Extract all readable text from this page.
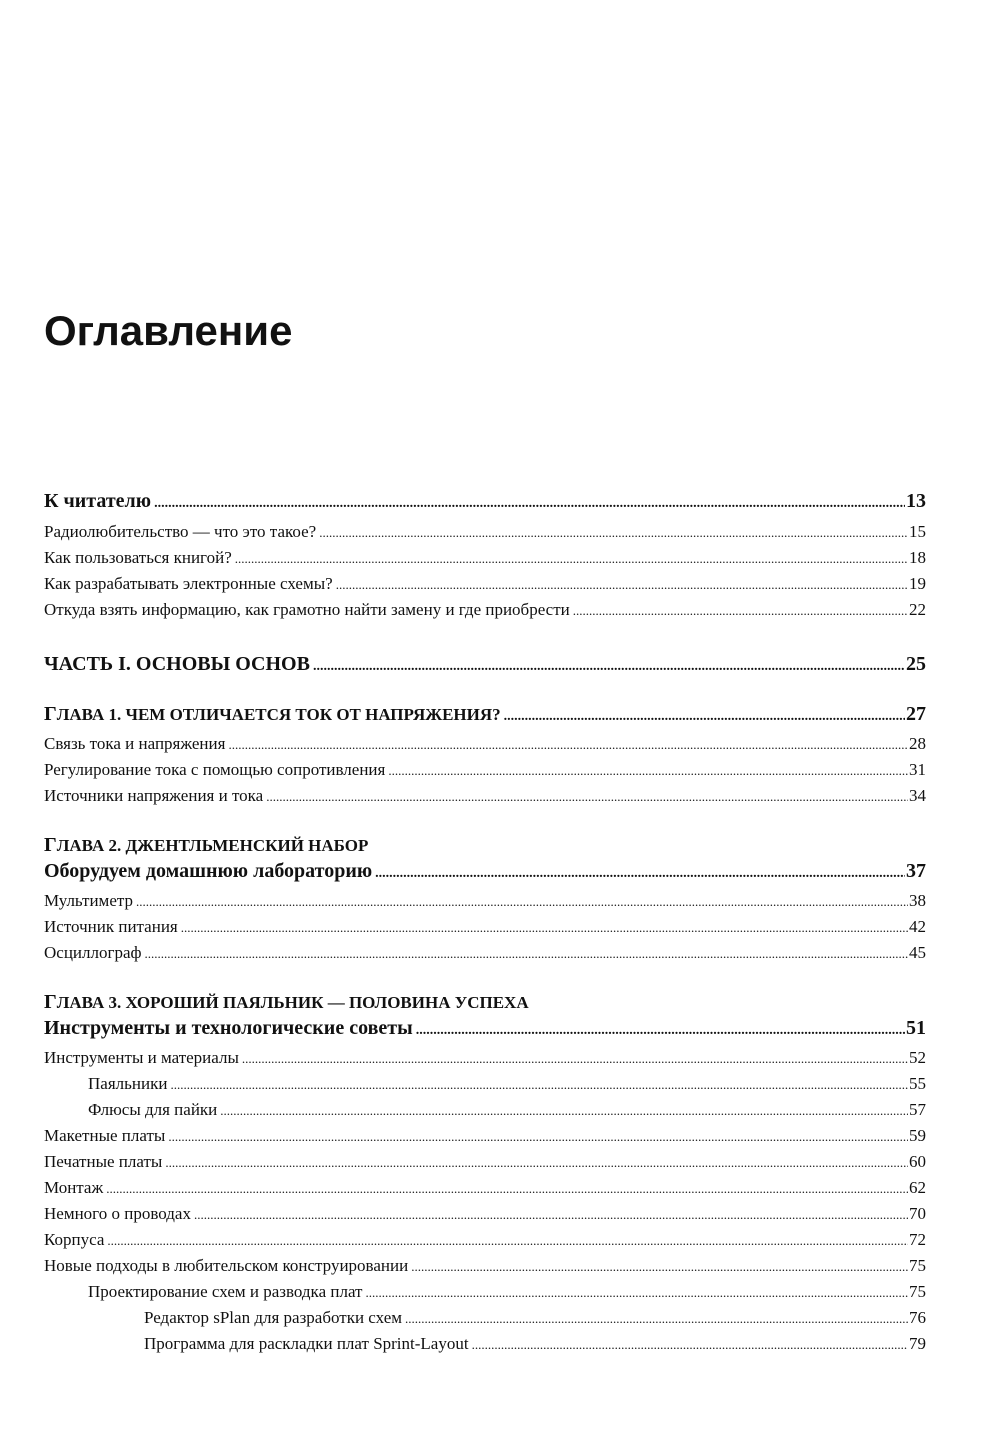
Оглавление
К читателю .....	13
Радиолюбительство — что это такое? .....	15
Как пользоваться книгой? .....	18
Как разрабатывать электронные схемы? .....	19
Откуда взять информацию, как грамотно найти замену и где приобрести .....	22
ЧАСТЬ I. ОСНОВЫ ОСНОВ .....	25
ГЛАВА 1. ЧЕМ ОТЛИЧАЕТСЯ ТОК ОТ НАПРЯЖЕНИЯ? .....	27
Связь тока и напряжения .....	28
Регулирование тока с помощью сопротивления .....	31
Источники напряжения и тока .....	34
ГЛАВА 2. ДЖЕНТЛЬМЕНСКИЙ НАБОР
Оборудуем домашнюю лабораторию .....	37
Мультиметр .....	38
Источник питания .....	42
Осциллограф .....	45
ГЛАВА 3. ХОРОШИЙ ПАЯЛЬНИК — ПОЛОВИНА УСПЕХА
Инструменты и технологические советы .....	51
Инструменты и материалы .....	52
Паяльники .....	55
Флюсы для пайки .....	57
Макетные платы .....	59
Печатные платы .....	60
Монтаж .....	62
Немного о проводах .....	70
Корпуса .....	72
Новые подходы в любительском конструировании .....	75
Проектирование схем и разводка плат .....	75
Редактор sPlan для разработки схем .....	76
Программа для раскладки плат Sprint-Layout .....	79
